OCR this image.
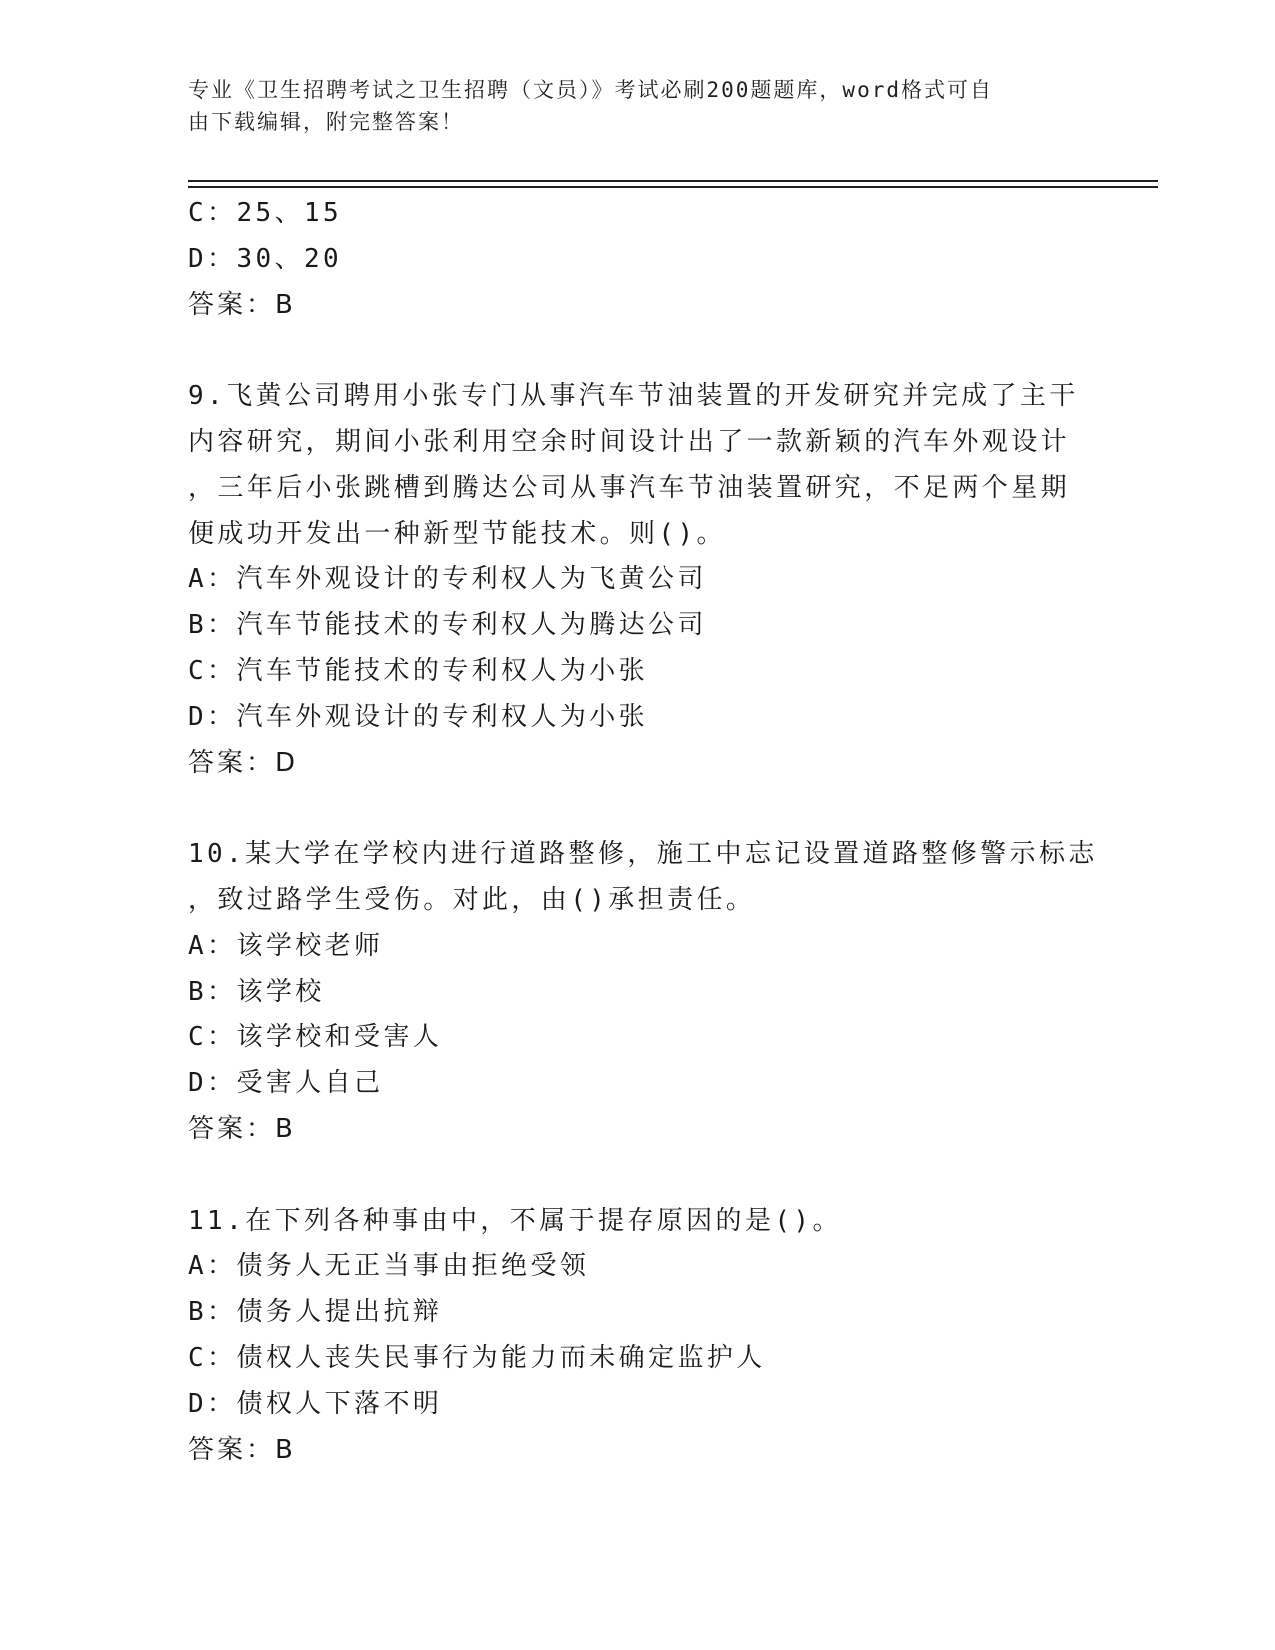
专业《卫生招聘考试之卫生招聘（文员）》考试必刷200题题库，word格式可自
由下载编辑，附完整答案！

C：25、15

D：30、20

答案：B

9.飞黄公司聘用小张专门从事汽车节油装置的开发研究并完成了主干

内容研究，期间小张利用空余时间设计出了一款新颖的汽车外观设计

，三年后小张跳槽到腾达公司从事汽车节油装置研究，不足两个星期

便成功开发出一种新型节能技术。则()。

A：汽车外观设计的专利权人为飞黄公司

B：汽车节能技术的专利权人为腾达公司

C：汽车节能技术的专利权人为小张

D：汽车外观设计的专利权人为小张

答案：D

10.某大学在学校内进行道路整修，施工中忘记设置道路整修警示标志

，致过路学生受伤。对此，由()承担责任。

A：该学校老师

B：该学校

C：该学校和受害人

D：受害人自己

答案：B

11.在下列各种事由中，不属于提存原因的是()。

A：债务人无正当事由拒绝受领

B：债务人提出抗辩

C：债权人丧失民事行为能力而未确定监护人

D：债权人下落不明

答案：B
